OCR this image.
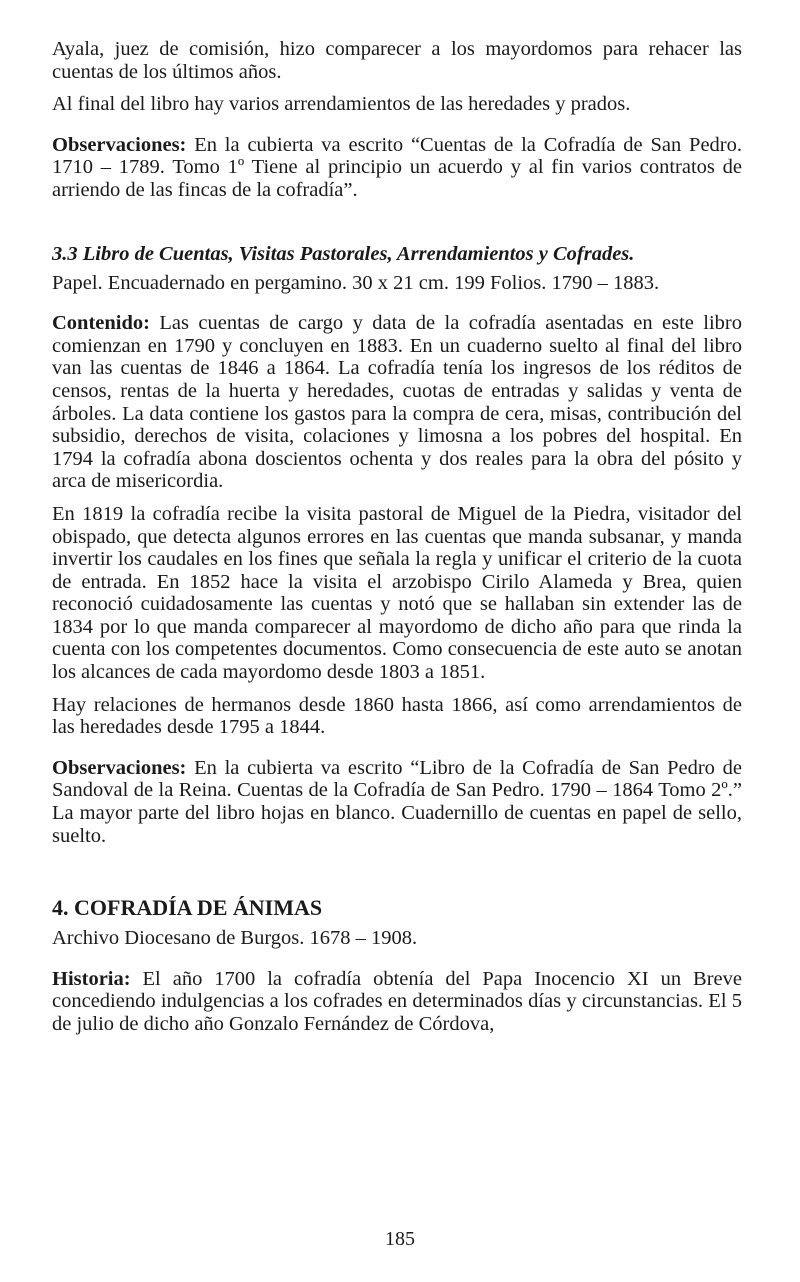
Ayala, juez de comisión, hizo comparecer a los mayordomos para rehacer las cuentas de los últimos años.

Al final del libro hay varios arrendamientos de las heredades y prados.

Observaciones: En la cubierta va escrito “Cuentas de la Cofradía de San Pedro. 1710 – 1789. Tomo 1º Tiene al principio un acuerdo y al fin varios contratos de arriendo de las fincas de la cofradía”.

3.3 Libro de Cuentas, Visitas Pastorales, Arrendamientos y Cofrades.

Papel. Encuadernado en pergamino. 30 x 21 cm. 199 Folios. 1790 – 1883.

Contenido: Las cuentas de cargo y data de la cofradía asentadas en este libro comienzan en 1790 y concluyen en 1883. En un cuaderno suelto al final del libro van las cuentas de 1846 a 1864. La cofradía tenía los ingresos de los réditos de censos, rentas de la huerta y heredades, cuotas de entradas y salidas y venta de árboles. La data contiene los gastos para la compra de cera, misas, contribución del subsidio, derechos de visita, colaciones y limosna a los pobres del hospital. En 1794 la cofradía abona doscientos ochenta y dos reales para la obra del pósito y arca de misericordia.

En 1819 la cofradía recibe la visita pastoral de Miguel de la Piedra, visitador del obispado, que detecta algunos errores en las cuentas que manda subsanar, y manda invertir los caudales en los fines que señala la regla y unificar el criterio de la cuota de entrada. En 1852 hace la visita el arzobispo Cirilo Alameda y Brea, quien reconoció cuidadosamente las cuentas y notó que se hallaban sin extender las de 1834 por lo que manda comparecer al mayordomo de dicho año para que rinda la cuenta con los competentes documentos. Como consecuencia de este auto se anotan los alcances de cada mayordomo desde 1803 a 1851.

Hay relaciones de hermanos desde 1860 hasta 1866, así como arrendamientos de las heredades desde 1795 a 1844.

Observaciones: En la cubierta va escrito “Libro de la Cofradía de San Pedro de Sandoval de la Reina. Cuentas de la Cofradía de San Pedro. 1790 – 1864 Tomo 2º.” La mayor parte del libro hojas en blanco. Cuadernillo de cuentas en papel de sello, suelto.

4. COFRADÍA DE ÁNIMAS

Archivo Diocesano de Burgos. 1678 – 1908.

Historia: El año 1700 la cofradía obtenía del Papa Inocencio XI un Breve concediendo indulgencias a los cofrades en determinados días y circunstancias. El 5 de julio de dicho año Gonzalo Fernández de Córdova,

185
